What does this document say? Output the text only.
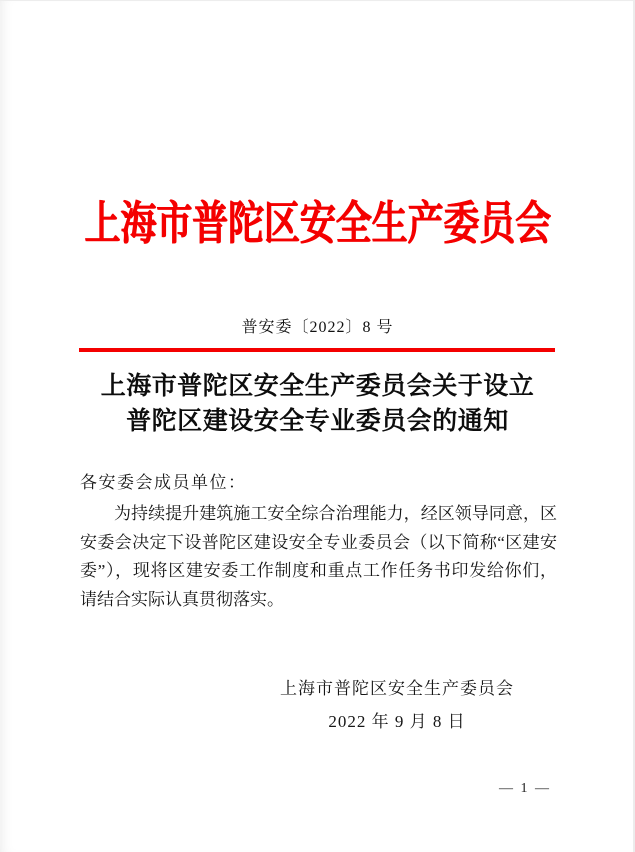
上海市普陀区安全生产委员会
普安委〔2022〕8 号
上海市普陀区安全生产委员会关于设立
普陀区建设安全专业委员会的通知
各安委会成员单位：
为持续提升建筑施工安全综合治理能力，经区领导同意，区
安委会决定下设普陀区建设安全专业委员会（以下简称“区建安
委”），现将区建安委工作制度和重点工作任务书印发给你们，
请结合实际认真贯彻落实。
上海市普陀区安全生产委员会
2022 年 9 月 8 日
— 1 —
